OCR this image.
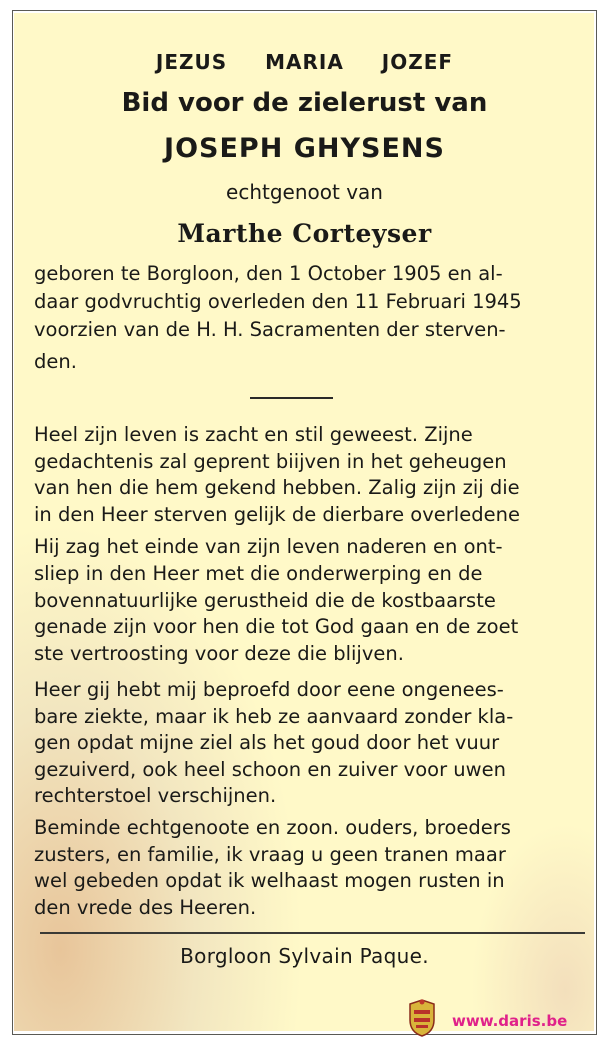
JEZUS MARIA JOZEF
Bid voor de zielerust van
JOSEPH GHYSENS
echtgenoot van
Marthe Corteyser
geboren te Borgloon, den 1 October 1905 en al-
daar godvruchtig overleden den 11 Februari 1945
voorzien van de H. H. Sacramenten der sterven-
den.
Heel zijn leven is zacht en stil geweest. Zijne
gedachtenis zal geprent biijven in het geheugen
van hen die hem gekend hebben. Zalig zijn zij die
in den Heer sterven gelijk de dierbare overledene
Hij zag het einde van zijn leven naderen en ont-
sliep in den Heer met die onderwerping en de
bovennatuurlijke gerustheid die de kostbaarste
genade zijn voor hen die tot God gaan en de zoet
ste vertroosting voor deze die blijven.
Heer gij hebt mij beproefd door eene ongenees-
bare ziekte, maar ik heb ze aanvaard zonder kla-
gen opdat mijne ziel als het goud door het vuur
gezuiverd, ook heel schoon en zuiver voor uwen
rechterstoel verschijnen.
Beminde echtgenoote en zoon. ouders, broeders
zusters, en familie, ik vraag u geen tranen maar
wel gebeden opdat ik welhaast mogen rusten in
den vrede des Heeren.
Borgloon Sylvain Paque.
www.daris.be
